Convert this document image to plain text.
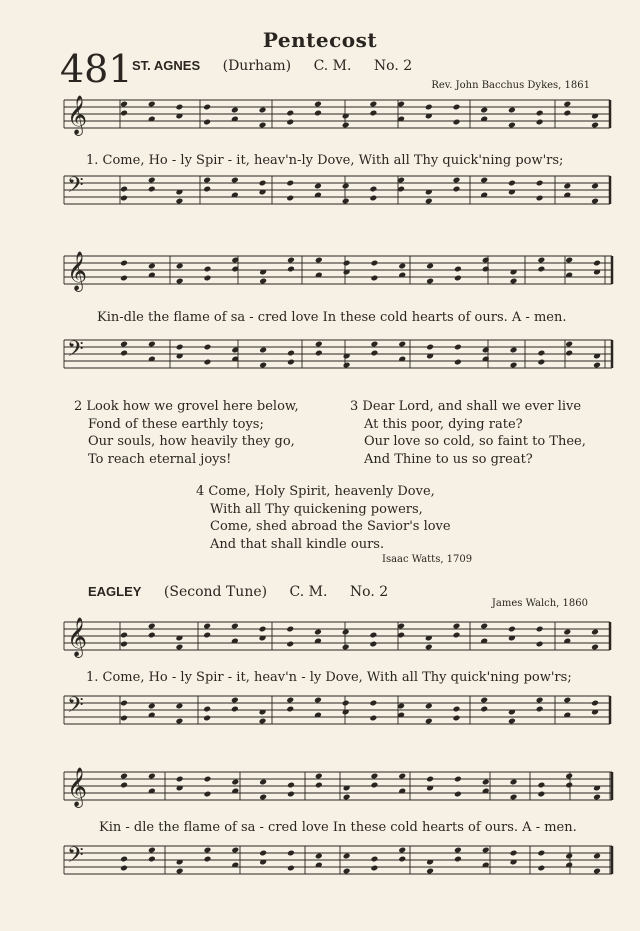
Pentecost
481 ST. AGNES (Durham) C. M. No. 2
Rev. John Bacchus Dykes, 1861
1. Come, Ho - ly Spir - it, heav'n-ly Dove, With all Thy quick'ning pow'rs;
Kin-dle the flame of sa - cred love In these cold hearts of ours. A - men.
2 Look how we grovel here below,
Fond of these earthly toys;
Our souls, how heavily they go,
To reach eternal joys!
3 Dear Lord, and shall we ever live
At this poor, dying rate?
Our love so cold, so faint to Thee,
And Thine to us so great?
4 Come, Holy Spirit, heavenly Dove,
With all Thy quickening powers,
Come, shed abroad the Savior's love
And that shall kindle ours.
Isaac Watts, 1709
EAGLEY (Second Tune) C. M. No. 2
James Walch, 1860
1. Come, Ho - ly Spir - it, heav'n - ly Dove, With all Thy quick'ning pow'rs;
Kin - dle the flame of sa - cred love In these cold hearts of ours. A - men.
𝄞
𝄢
𝄞
𝄢
𝄞
𝄢
𝄞
𝄢
